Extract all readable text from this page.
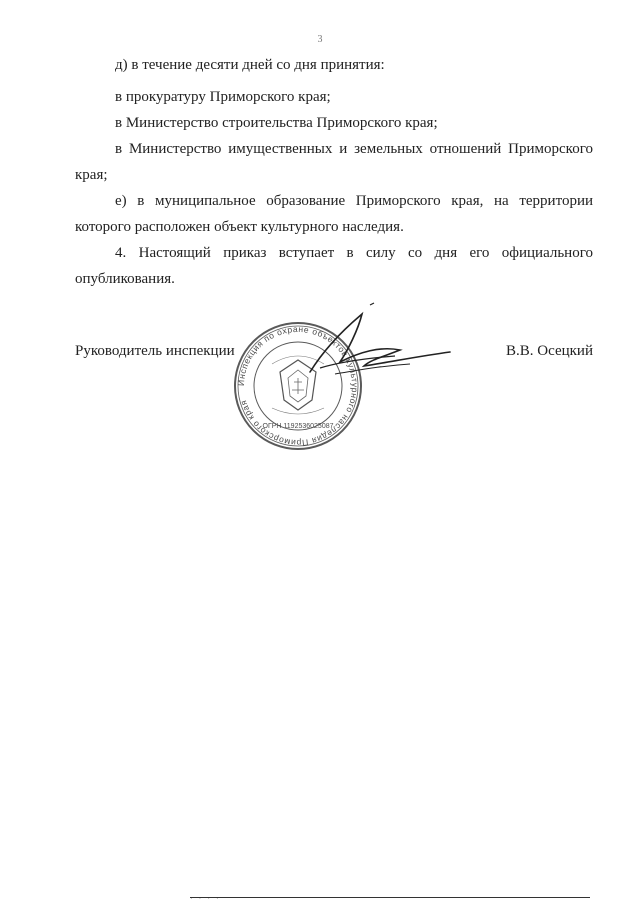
3

д) в течение десяти дней со дня принятия:

в прокуратуру Приморского края;

в Министерство строительства Приморского края;

в Министерство имущественных и земельных отношений Приморского края;

е) в муниципальное образование Приморского края, на территории которого расположен объект культурного наследия.

4. Настоящий приказ вступает в силу со дня его официального опубликования.

Руководитель инспекции	В.В. Осецкий
Инспекция по охране объектов культурного наследия Приморского края
ОГРН 1192536025087
· · · ·
